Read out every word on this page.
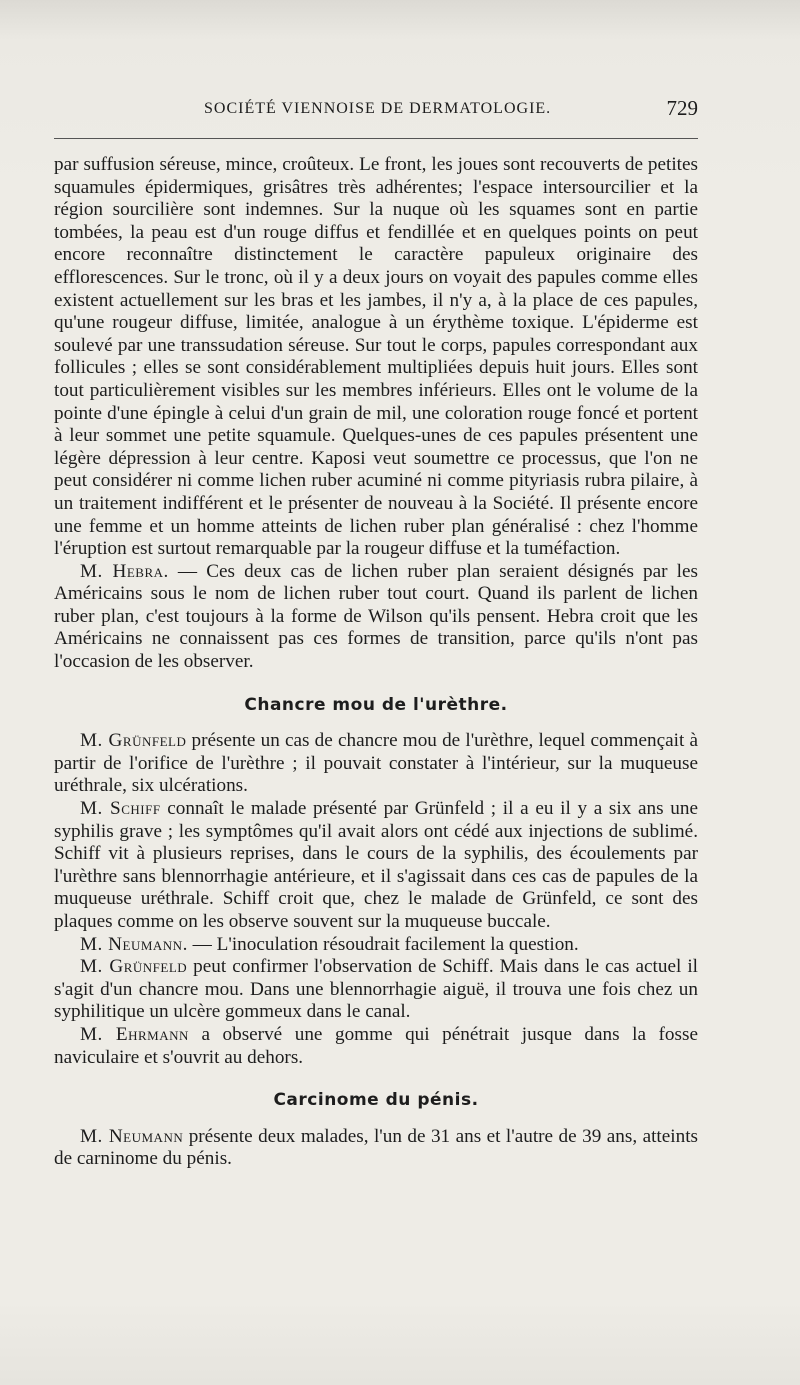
SOCIÉTÉ VIENNOISE DE DERMATOLOGIE.	729

par suffusion séreuse, mince, croûteux. Le front, les joues sont recouverts de petites squamules épidermiques, grisâtres très adhérentes; l'espace intersourcilier et la région sourcilière sont indemnes. Sur la nuque où les squames sont en partie tombées, la peau est d'un rouge diffus et fendillée et en quelques points on peut encore reconnaître distinctement le caractère papuleux originaire des efflorescences. Sur le tronc, où il y a deux jours on voyait des papules comme elles existent actuellement sur les bras et les jambes, il n'y a, à la place de ces papules, qu'une rougeur diffuse, limitée, analogue à un érythème toxique. L'épiderme est soulevé par une transsudation séreuse. Sur tout le corps, papules correspondant aux follicules ; elles se sont considérablement multipliées depuis huit jours. Elles sont tout particulièrement visibles sur les membres inférieurs. Elles ont le volume de la pointe d'une épingle à celui d'un grain de mil, une coloration rouge foncé et portent à leur sommet une petite squamule. Quelques-unes de ces papules présentent une légère dépression à leur centre. Kaposi veut soumettre ce processus, que l'on ne peut considérer ni comme lichen ruber acuminé ni comme pityriasis rubra pilaire, à un traitement indifférent et le présenter de nouveau à la Société. Il présente encore une femme et un homme atteints de lichen ruber plan généralisé : chez l'homme l'éruption est surtout remarquable par la rougeur diffuse et la tuméfaction.

M. Hebra. — Ces deux cas de lichen ruber plan seraient désignés par les Américains sous le nom de lichen ruber tout court. Quand ils parlent de lichen ruber plan, c'est toujours à la forme de Wilson qu'ils pensent. Hebra croit que les Américains ne connaissent pas ces formes de transition, parce qu'ils n'ont pas l'occasion de les observer.

Chancre mou de l'urèthre.

M. Grünfeld présente un cas de chancre mou de l'urèthre, lequel commençait à partir de l'orifice de l'urèthre ; il pouvait constater à l'intérieur, sur la muqueuse uréthrale, six ulcérations.

M. Schiff connaît le malade présenté par Grünfeld ; il a eu il y a six ans une syphilis grave ; les symptômes qu'il avait alors ont cédé aux injections de sublimé. Schiff vit à plusieurs reprises, dans le cours de la syphilis, des écoulements par l'urèthre sans blennorrhagie antérieure, et il s'agissait dans ces cas de papules de la muqueuse uréthrale. Schiff croit que, chez le malade de Grünfeld, ce sont des plaques comme on les observe souvent sur la muqueuse buccale.

M. Neumann. — L'inoculation résoudrait facilement la question.

M. Grünfeld peut confirmer l'observation de Schiff. Mais dans le cas actuel il s'agit d'un chancre mou. Dans une blennorrhagie aiguë, il trouva une fois chez un syphilitique un ulcère gommeux dans le canal.

M. Ehrmann a observé une gomme qui pénétrait jusque dans la fosse naviculaire et s'ouvrit au dehors.

Carcinome du pénis.

M. Neumann présente deux malades, l'un de 31 ans et l'autre de 39 ans, atteints de carninome du pénis.
